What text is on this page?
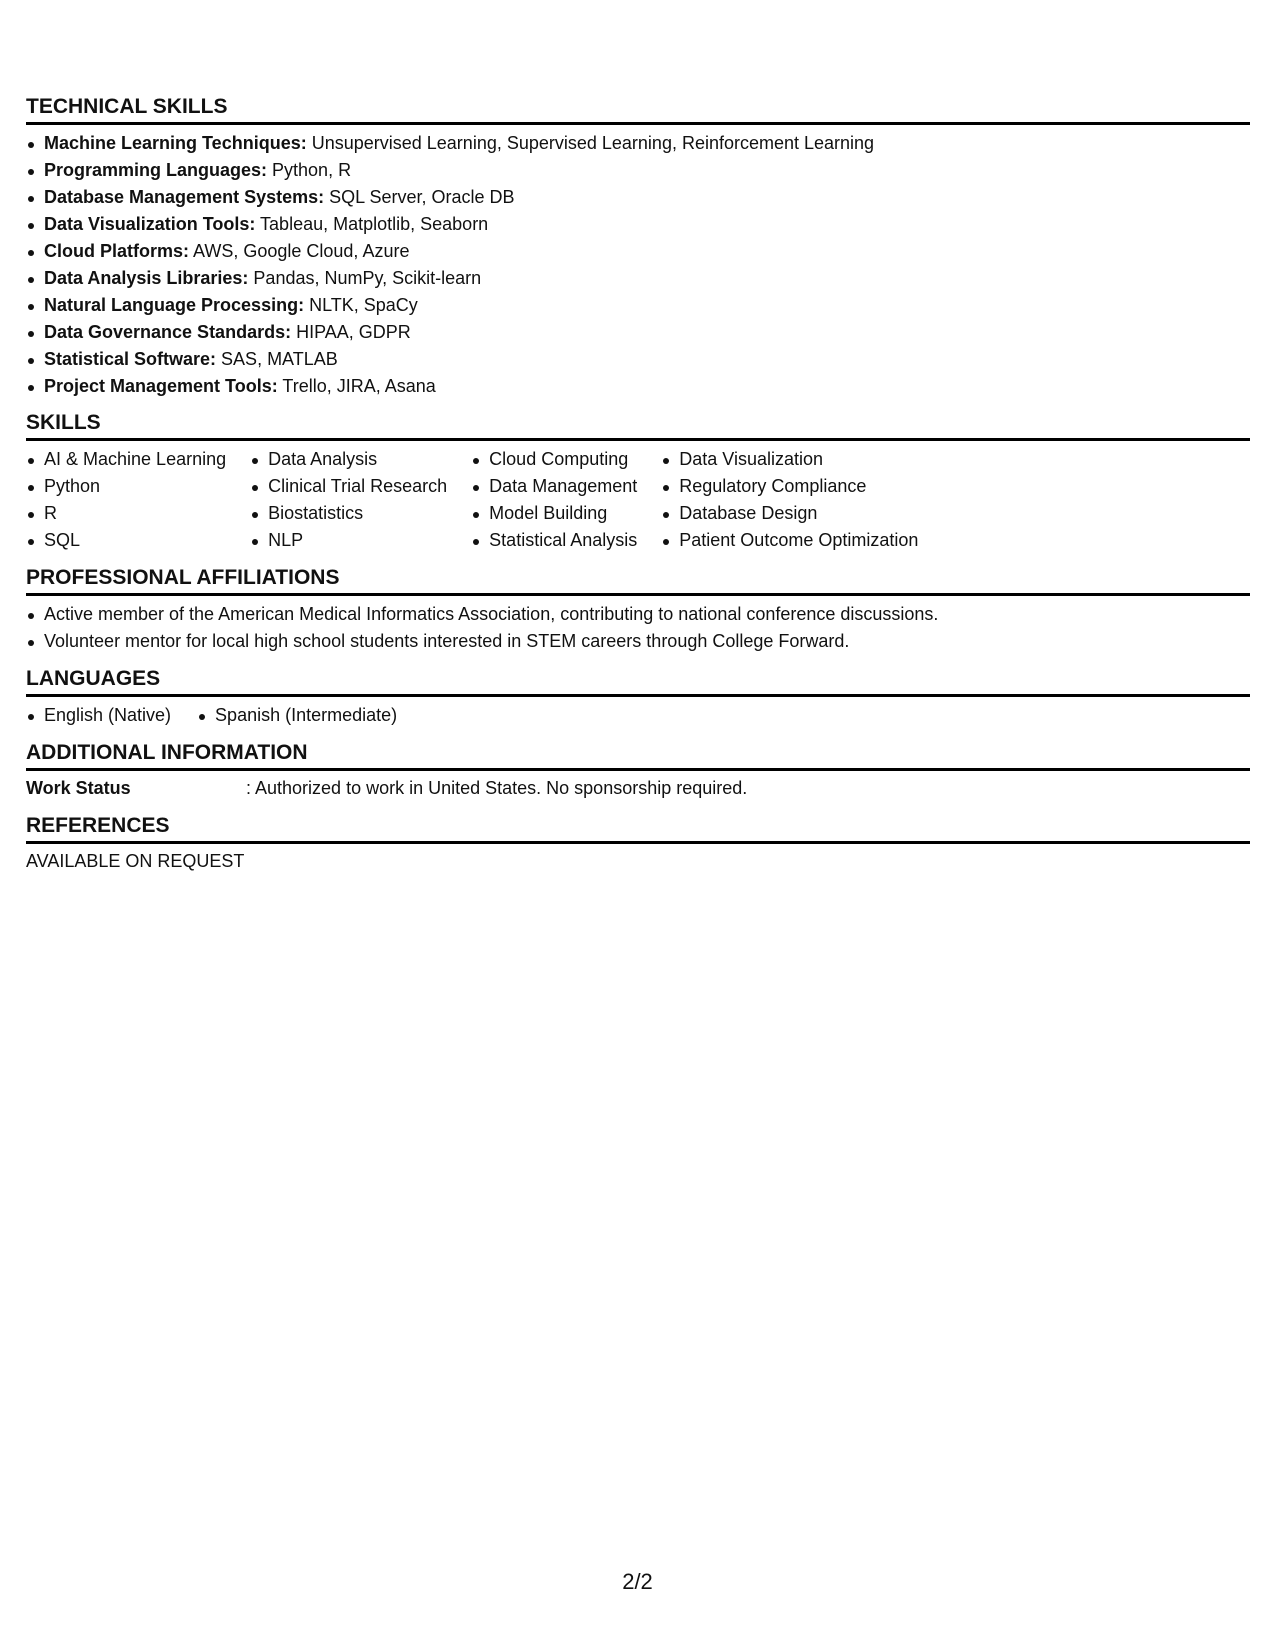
TECHNICAL SKILLS
Machine Learning Techniques: Unsupervised Learning, Supervised Learning, Reinforcement Learning
Programming Languages: Python, R
Database Management Systems: SQL Server, Oracle DB
Data Visualization Tools: Tableau, Matplotlib, Seaborn
Cloud Platforms: AWS, Google Cloud, Azure
Data Analysis Libraries: Pandas, NumPy, Scikit-learn
Natural Language Processing: NLTK, SpaCy
Data Governance Standards: HIPAA, GDPR
Statistical Software: SAS, MATLAB
Project Management Tools: Trello, JIRA, Asana
SKILLS
AI & Machine Learning
Python
R
SQL
Data Analysis
Clinical Trial Research
Biostatistics
NLP
Cloud Computing
Data Management
Model Building
Statistical Analysis
Data Visualization
Regulatory Compliance
Database Design
Patient Outcome Optimization
PROFESSIONAL AFFILIATIONS
Active member of the American Medical Informatics Association, contributing to national conference discussions.
Volunteer mentor for local high school students interested in STEM careers through College Forward.
LANGUAGES
English (Native)	Spanish (Intermediate)
ADDITIONAL INFORMATION
Work Status	: Authorized to work in United States. No sponsorship required.
REFERENCES
AVAILABLE ON REQUEST
2/2
